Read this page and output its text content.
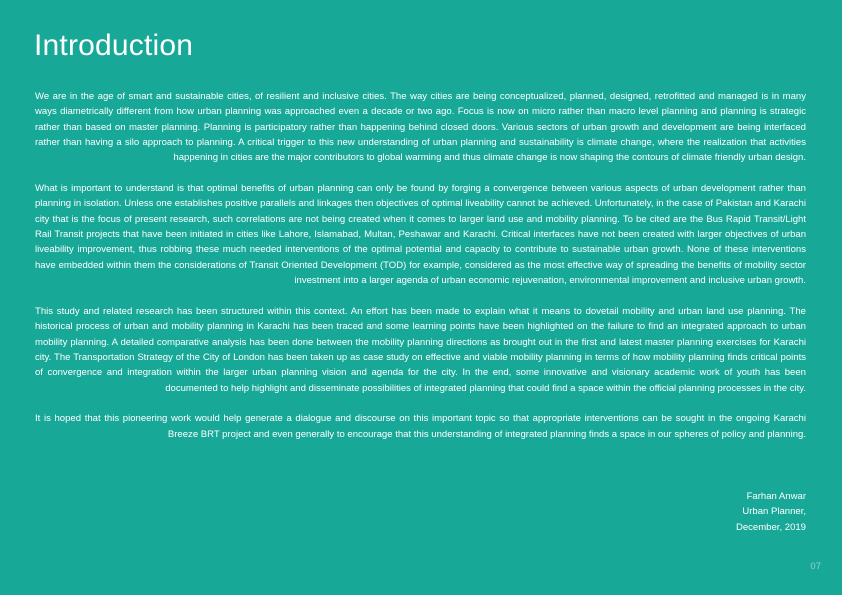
Introduction

We are in the age of smart and sustainable cities, of resilient and inclusive cities. The way cities are being conceptualized, planned, designed, retrofitted and managed is in many ways diametrically different from how urban planning was approached even a decade or two ago. Focus is now on micro rather than macro level planning and planning is strategic rather than based on master planning. Planning is participatory rather than happening behind closed doors. Various sectors of urban growth and development are being interfaced rather than having a silo approach to planning. A critical trigger to this new understanding of urban planning and sustainability is climate change, where the realization that activities happening in cities are the major contributors to global warming and thus climate change is now shaping the contours of climate friendly urban design.

What is important to understand is that optimal benefits of urban planning can only be found by forging a convergence between various aspects of urban development rather than planning in isolation. Unless one establishes positive parallels and linkages then objectives of optimal liveability cannot be achieved. Unfortunately, in the case of Pakistan and Karachi city that is the focus of present research, such correlations are not being created when it comes to larger land use and mobility planning. To be cited are the Bus Rapid Transit/Light Rail Transit projects that have been initiated in cities like Lahore, Islamabad, Multan, Peshawar and Karachi. Critical interfaces have not been created with larger objectives of urban liveability improvement, thus robbing these much needed interventions of the optimal potential and capacity to contribute to sustainable urban growth. None of these interventions have embedded within them the considerations of Transit Oriented Development (TOD) for example, considered as the most effective way of spreading the benefits of mobility sector investment into a larger agenda of urban economic rejuvenation, environmental improvement and inclusive urban growth.

This study and related research has been structured within this context. An effort has been made to explain what it means to dovetail mobility and urban land use planning. The historical process of urban and mobility planning in Karachi has been traced and some learning points have been highlighted on the failure to find an integrated approach to urban mobility planning. A detailed comparative analysis has been done between the mobility planning directions as brought out in the first and latest master planning exercises for Karachi city. The Transportation Strategy of the City of London has been taken up as case study on effective and viable mobility planning in terms of how mobility planning finds critical points of convergence and integration within the larger urban planning vision and agenda for the city. In the end, some innovative and visionary academic work of youth has been documented to help highlight and disseminate possibilities of integrated planning that could find a space within the official planning processes in the city.

It is hoped that this pioneering work would help generate a dialogue and discourse on this important topic so that appropriate interventions can be sought in the ongoing Karachi Breeze BRT project and even generally to encourage that this understanding of integrated planning finds a space in our spheres of policy and planning.

Farhan Anwar
Urban Planner,
December, 2019
07
